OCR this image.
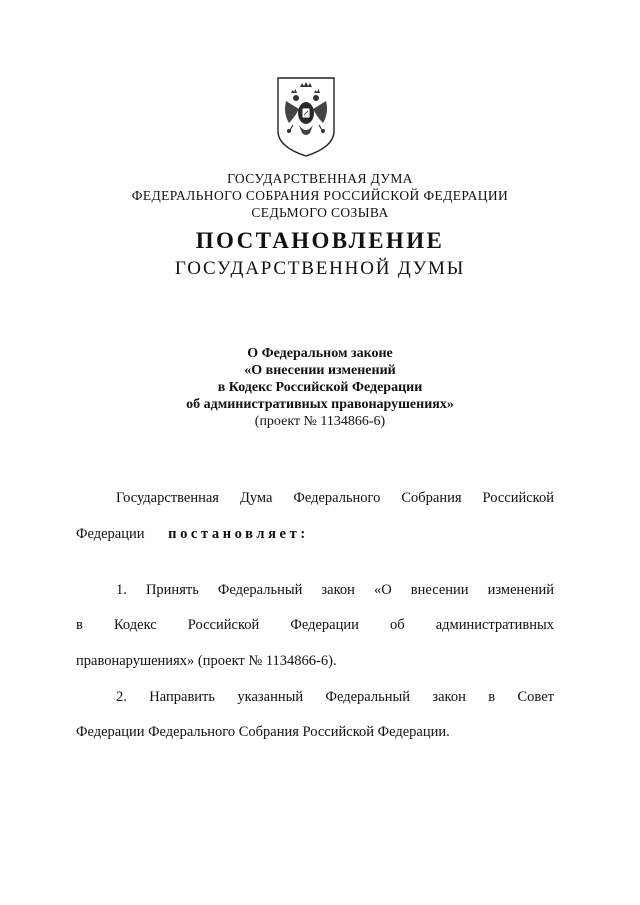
ГОСУДАРСТВЕННАЯ ДУМА
ФЕДЕРАЛЬНОГО СОБРАНИЯ РОССИЙСКОЙ ФЕДЕРАЦИИ
СЕДЬМОГО СОЗЫВА
ПОСТАНОВЛЕНИЕ
ГОСУДАРСТВЕННОЙ ДУМЫ
О Федеральном законе
«О внесении изменений
в Кодекс Российской Федерации
об административных правонарушениях»
(проект № 1134866-6)
Государственная Дума Федерального Собрания Российской
Федерации постановляет:
1. Принять Федеральный закон «О внесении изменений
в Кодекс Российской Федерации об административных
правонарушениях» (проект № 1134866-6).
2. Направить указанный Федеральный закон в Совет
Федерации Федерального Собрания Российской Федерации.
